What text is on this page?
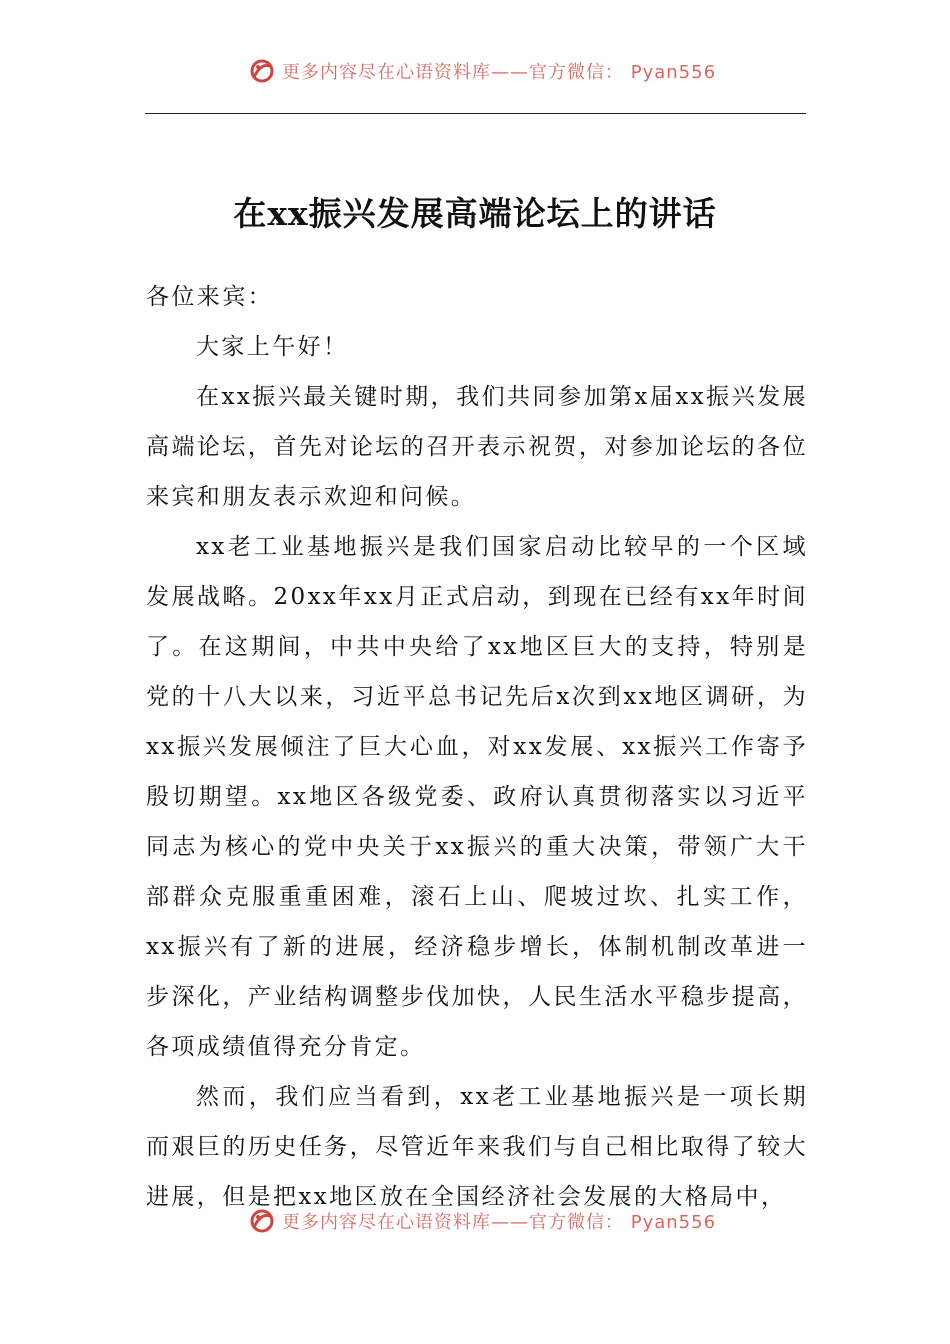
更多内容尽在心语资料库——官方微信： Pyan556
在xx振兴发展高端论坛上的讲话

各位来宾：

大家上午好！

在xx振兴最关键时期，我们共同参加第x届xx振兴发展高端论坛，首先对论坛的召开表示祝贺，对参加论坛的各位来宾和朋友表示欢迎和问候。

xx老工业基地振兴是我们国家启动比较早的一个区域发展战略。20xx年xx月正式启动，到现在已经有xx年时间了。在这期间，中共中央给了xx地区巨大的支持，特别是党的十八大以来，习近平总书记先后x次到xx地区调研，为xx振兴发展倾注了巨大心血，对xx发展、xx振兴工作寄予殷切期望。xx地区各级党委、政府认真贯彻落实以习近平同志为核心的党中央关于xx振兴的重大决策，带领广大干部群众克服重重困难，滚石上山、爬坡过坎、扎实工作，xx振兴有了新的进展，经济稳步增长，体制机制改革进一步深化，产业结构调整步伐加快，人民生活水平稳步提高，各项成绩值得充分肯定。

然而，我们应当看到，xx老工业基地振兴是一项长期而艰巨的历史任务，尽管近年来我们与自己相比取得了较大进展，但是把xx地区放在全国经济社会发展的大格局中，

更多内容尽在心语资料库——官方微信： Pyan556
